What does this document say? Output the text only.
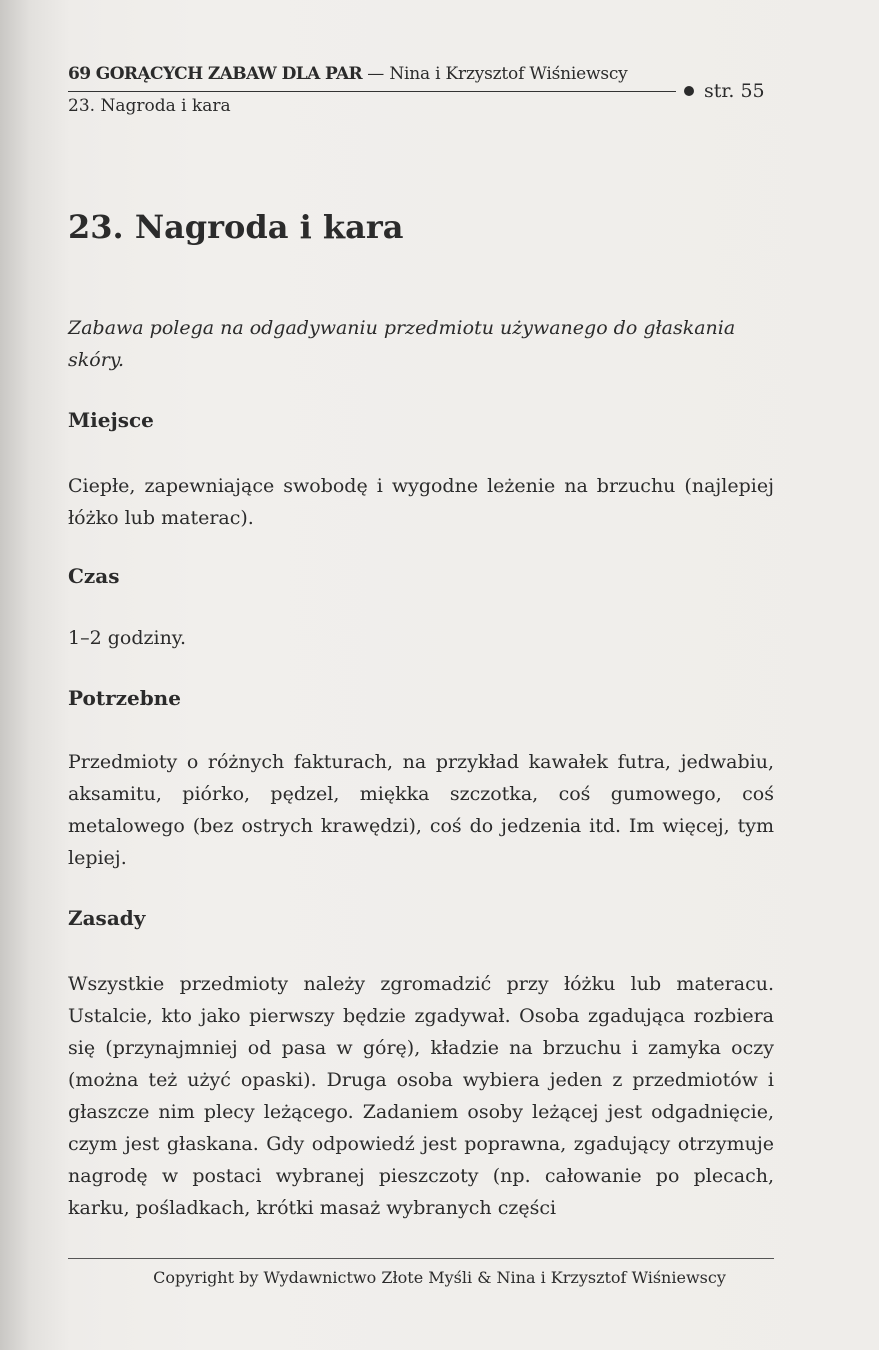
69 GORĄCYCH ZABAW DLA PAR — Nina i Krzysztof Wiśniewscy
str. 55
23. Nagroda i kara
23. Nagroda i kara

Zabawa polega na odgadywaniu przedmiotu używanego do głaskania skóry.

Miejsce

Ciepłe, zapewniające swobodę i wygodne leżenie na brzuchu (najlepiej łóżko lub materac).

Czas

1–2 godziny.

Potrzebne

Przedmioty o różnych fakturach, na przykład kawałek futra, jedwabiu, aksamitu, piórko, pędzel, miękka szczotka, coś gumowego, coś metalowego (bez ostrych krawędzi), coś do jedzenia itd. Im więcej, tym lepiej.

Zasady

Wszystkie przedmioty należy zgromadzić przy łóżku lub materacu. Ustalcie, kto jako pierwszy będzie zgadywał. Osoba zgadująca rozbiera się (przynajmniej od pasa w górę), kładzie na brzuchu i zamyka oczy (można też użyć opaski). Druga osoba wybiera jeden z przedmiotów i głaszcze nim plecy leżącego. Zadaniem osoby leżącej jest odgadnięcie, czym jest głaskana. Gdy odpowiedź jest poprawna, zgadujący otrzymuje nagrodę w postaci wybranej pieszczoty (np. całowanie po plecach, karku, pośladkach, krótki masaż wybranych części

Copyright by Wydawnictwo Złote Myśli & Nina i Krzysztof Wiśniewscy
